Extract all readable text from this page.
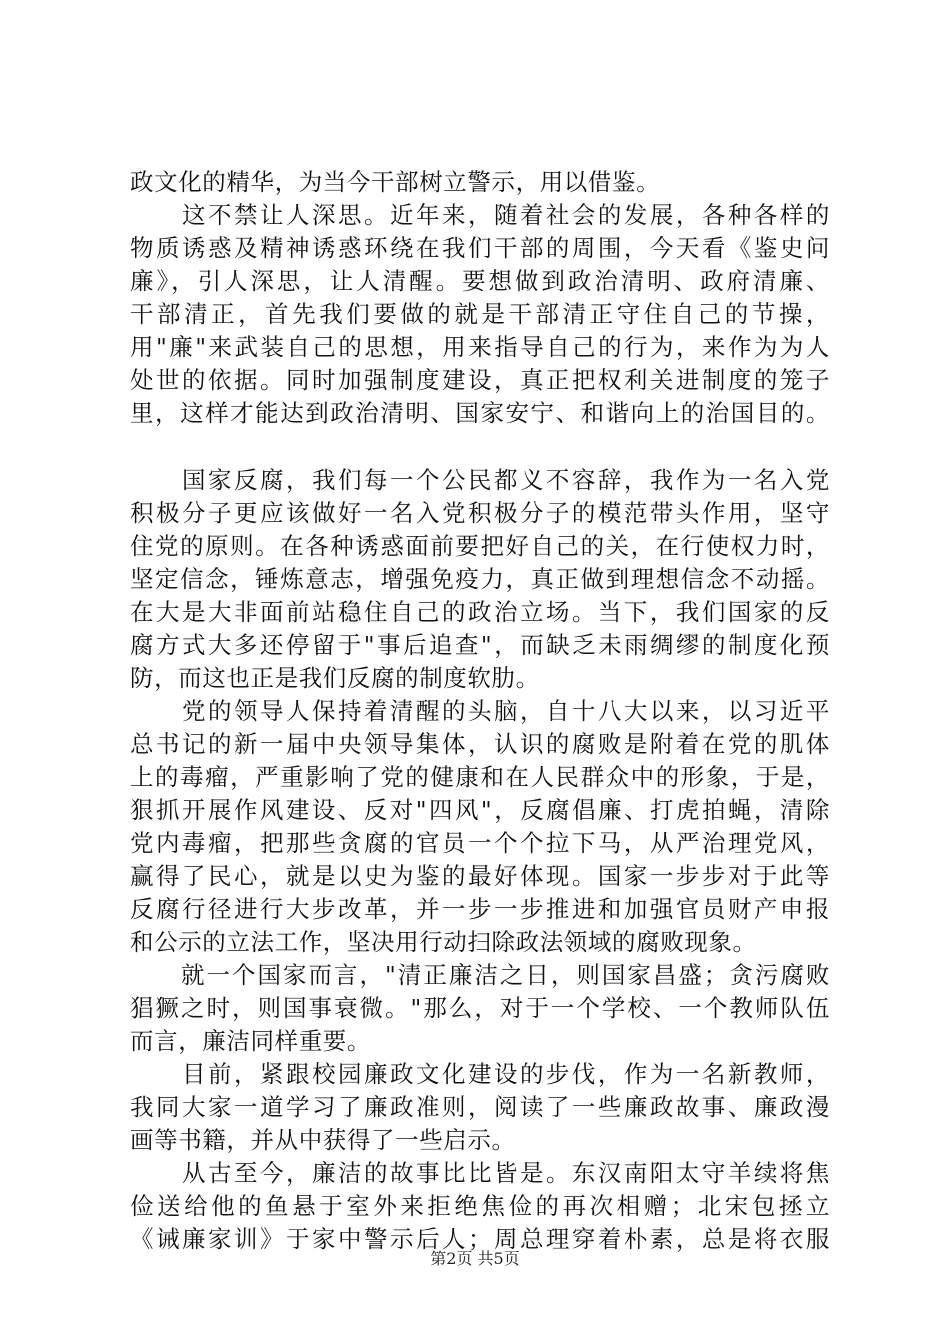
政文化的精华，为当今干部树立警示，用以借鉴。
　　这不禁让人深思。近年来，随着社会的发展，各种各样的
物质诱惑及精神诱惑环绕在我们干部的周围，今天看《鉴史问
廉》，引人深思，让人清醒。要想做到政治清明、政府清廉、
干部清正，首先我们要做的就是干部清正守住自己的节操，
用"廉"来武装自己的思想，用来指导自己的行为，来作为为人
处世的依据。同时加强制度建设，真正把权利关进制度的笼子
里，这样才能达到政治清明、国家安宁、和谐向上的治国目的。
　　国家反腐，我们每一个公民都义不容辞，我作为一名入党
积极分子更应该做好一名入党积极分子的模范带头作用，坚守
住党的原则。在各种诱惑面前要把好自己的关，在行使权力时，
坚定信念，锤炼意志，增强免疫力，真正做到理想信念不动摇。
在大是大非面前站稳住自己的政治立场。当下，我们国家的反
腐方式大多还停留于"事后追查"，而缺乏未雨绸缪的制度化预
防，而这也正是我们反腐的制度软肋。
　　党的领导人保持着清醒的头脑，自十八大以来，以习近平
总书记的新一届中央领导集体，认识的腐败是附着在党的肌体
上的毒瘤，严重影响了党的健康和在人民群众中的形象，于是，
狠抓开展作风建设、反对"四风"，反腐倡廉、打虎拍蝇，清除
党内毒瘤，把那些贪腐的官员一个个拉下马，从严治理党风，
赢得了民心，就是以史为鉴的最好体现。国家一步步对于此等
反腐行径进行大步改革，并一步一步推进和加强官员财产申报
和公示的立法工作，坚决用行动扫除政法领域的腐败现象。
　　就一个国家而言，"清正廉洁之日，则国家昌盛；贪污腐败
猖獗之时，则国事衰微。"那么，对于一个学校、一个教师队伍
而言，廉洁同样重要。
　　目前，紧跟校园廉政文化建设的步伐，作为一名新教师，
我同大家一道学习了廉政准则，阅读了一些廉政故事、廉政漫
画等书籍，并从中获得了一些启示。
　　从古至今，廉洁的故事比比皆是。东汉南阳太守羊续将焦
俭送给他的鱼悬于室外来拒绝焦俭的再次相赠；北宋包拯立
《诫廉家训》于家中警示后人；周总理穿着朴素，总是将衣服
第2页 共5页
